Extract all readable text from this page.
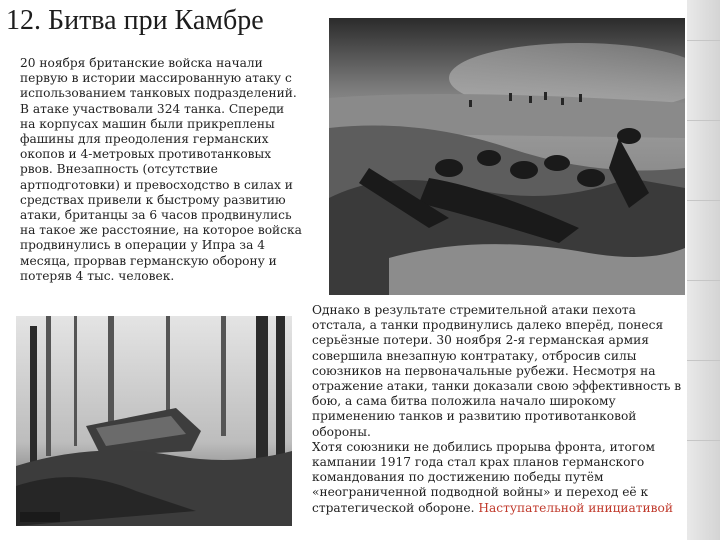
12. Битва при Камбре
20 ноября британские войска начали первую в истории массированную атаку с использованием танковых подразделений. В атаке участвовали 324 танка. Спереди на корпусах машин были прикреплены фашины для преодоления германских окопов и 4-метровых противотанковых рвов. Внезапность (отсутствие артподготовки) и превосходство в силах и средствах привели к быстрому развитию атаки, британцы за 6 часов продвинулись на такое же расстояние, на которое войска продвинулись в операции у Ипра за 4 месяца, прорвав германскую оборону и потеряв 4 тыс. человек.

Однако в результате стремительной атаки пехота отстала, а танки продвинулись далеко вперёд, понеся серьёзные потери. 30 ноября 2-я германская армия совершила внезапную контратаку, отбросив силы союзников на первоначальные рубежи. Несмотря на отражение атаки, танки доказали свою эффективность в бою, а сама битва положила начало широкому применению танков и развитию противотанковой обороны.

Хотя союзники не добились прорыва фронта, итогом кампании 1917 года стал крах планов германского командования по достижению победы путём «неограниченной подводной войны» и переход её к стратегической обороне. Наступательной инициативой
